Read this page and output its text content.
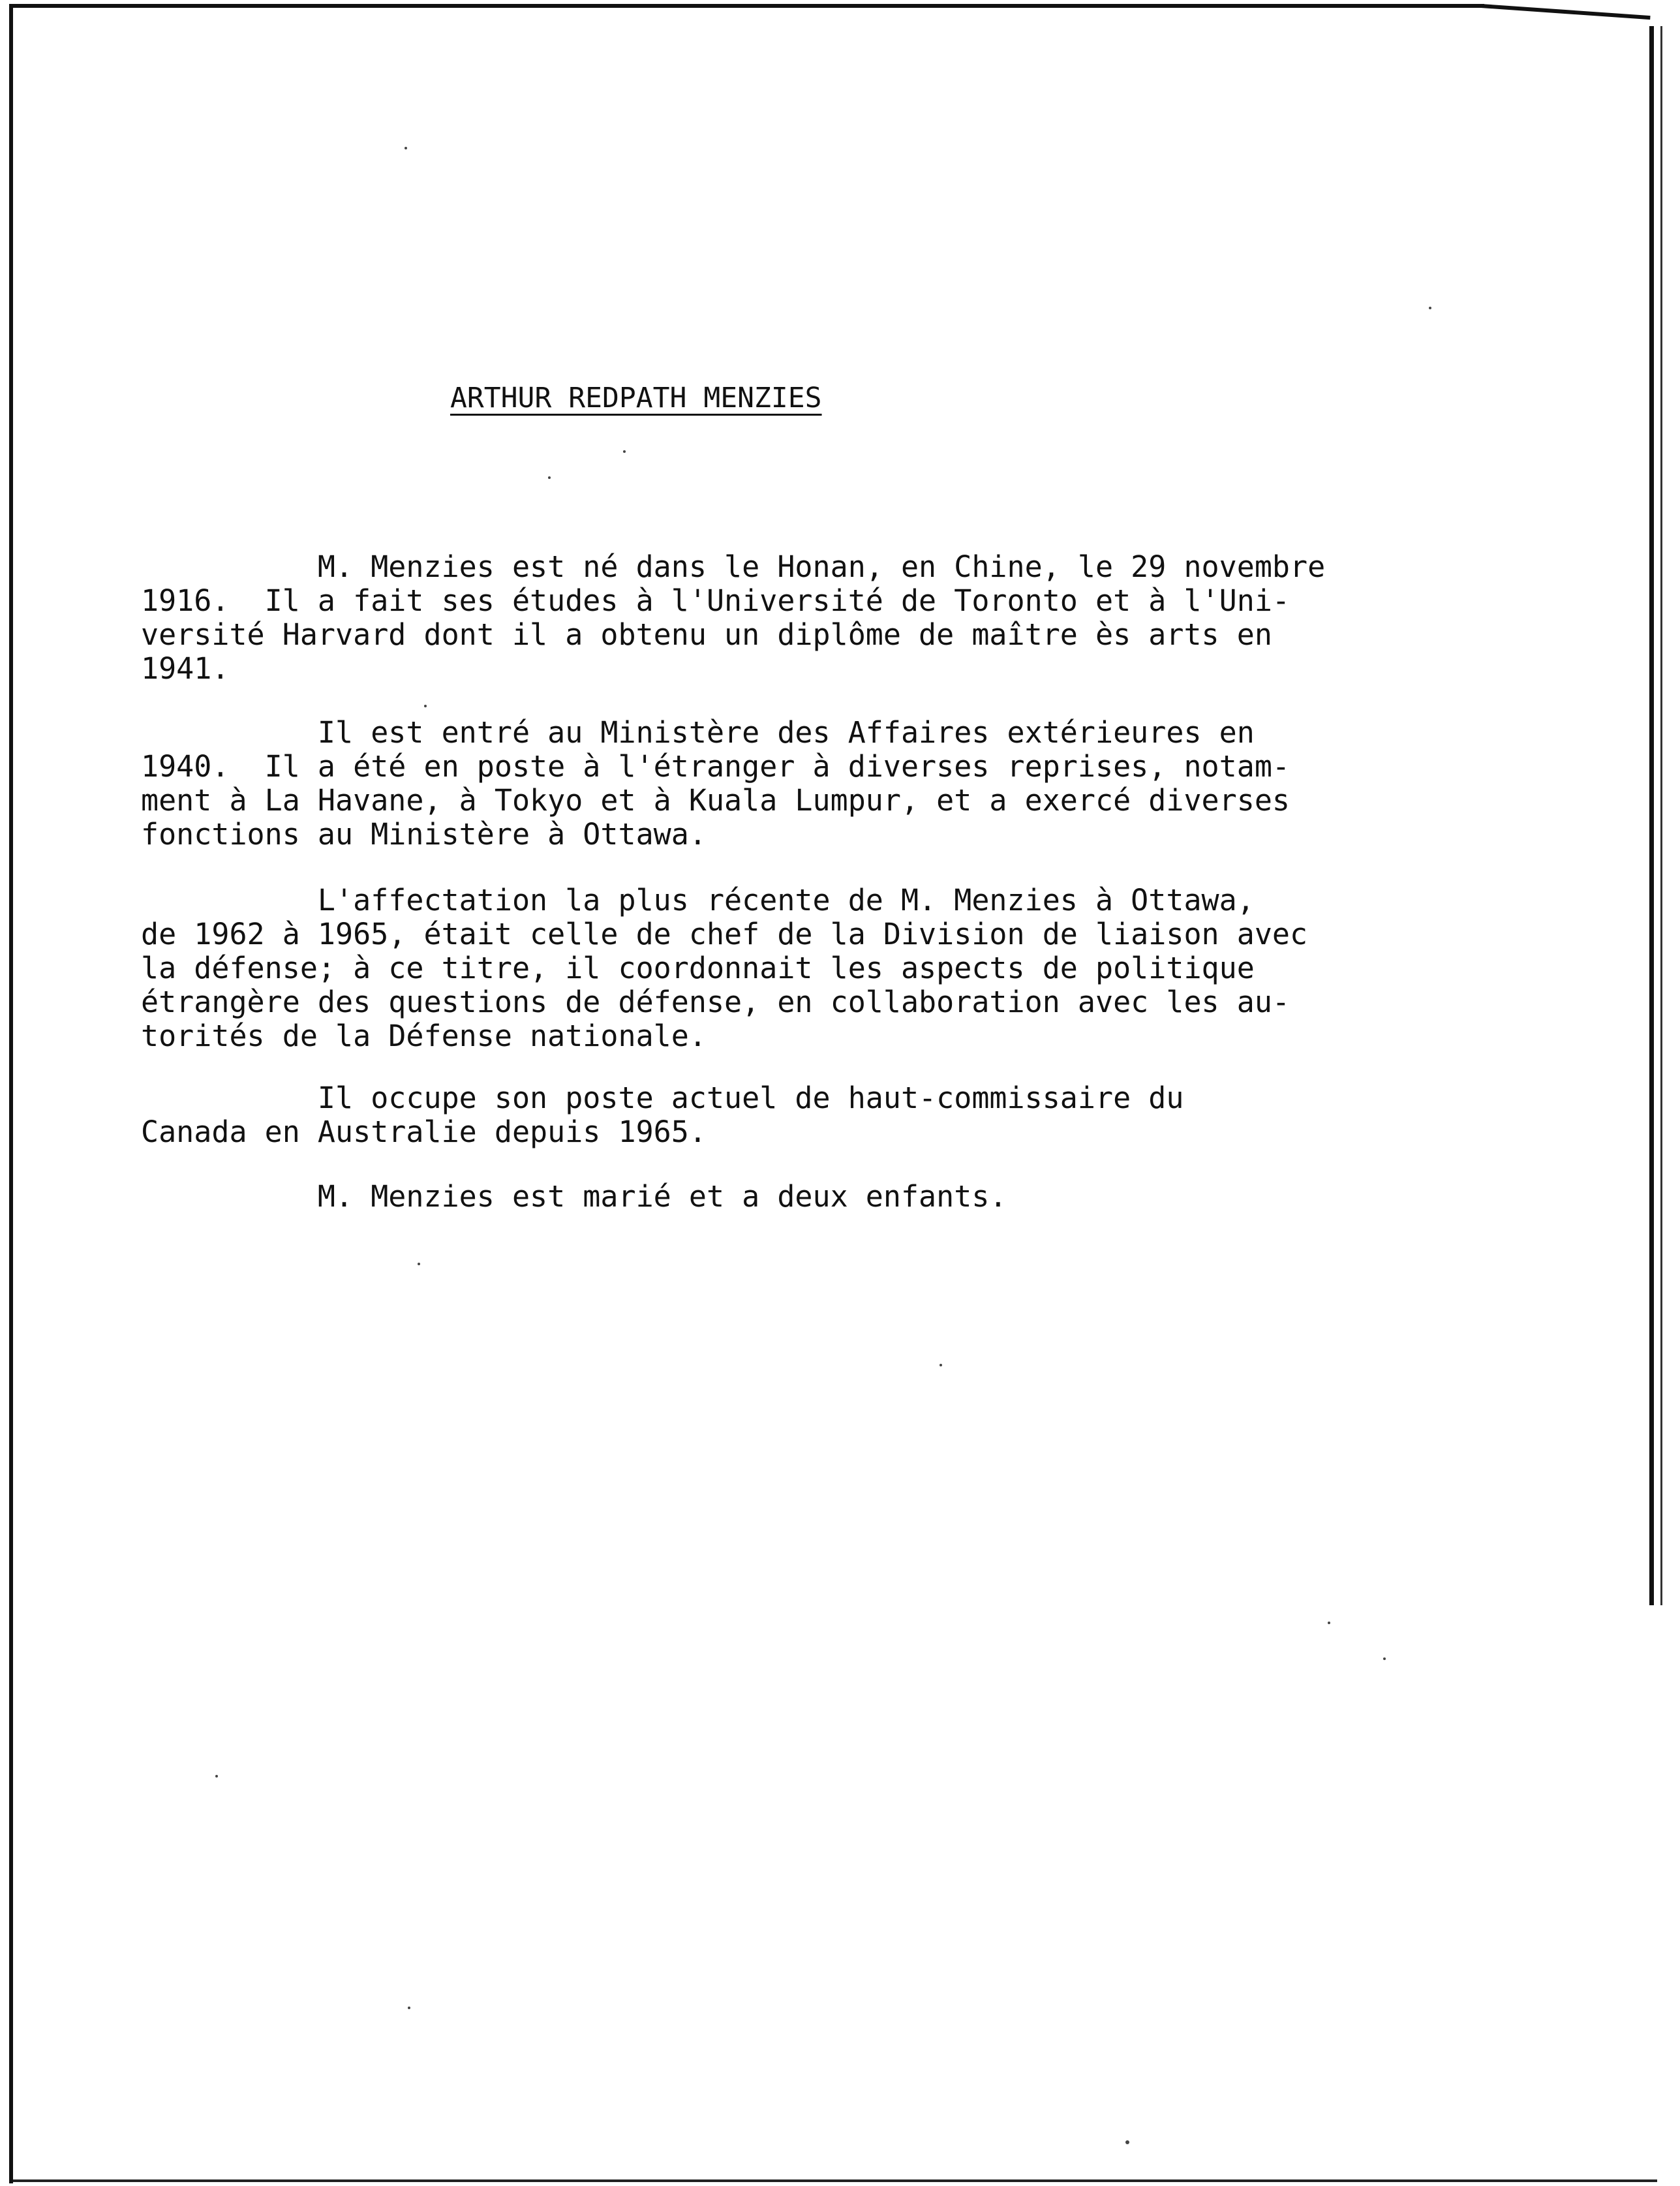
ARTHUR REDPATH MENZIES
M. Menzies est né dans le Honan, en Chine, le 29 novembre
1916.  Il a fait ses études à l'Université de Toronto et à l'Uni-
versité Harvard dont il a obtenu un diplôme de maître ès arts en
1941.
Il est entré au Ministère des Affaires extérieures en
1940.  Il a été en poste à l'étranger à diverses reprises, notam-
ment à La Havane, à Tokyo et à Kuala Lumpur, et a exercé diverses
fonctions au Ministère à Ottawa.
L'affectation la plus récente de M. Menzies à Ottawa,
de 1962 à 1965, était celle de chef de la Division de liaison avec
la défense; à ce titre, il coordonnait les aspects de politique
étrangère des questions de défense, en collaboration avec les au-
torités de la Défense nationale.
Il occupe son poste actuel de haut-commissaire du
Canada en Australie depuis 1965.
M. Menzies est marié et a deux enfants.
